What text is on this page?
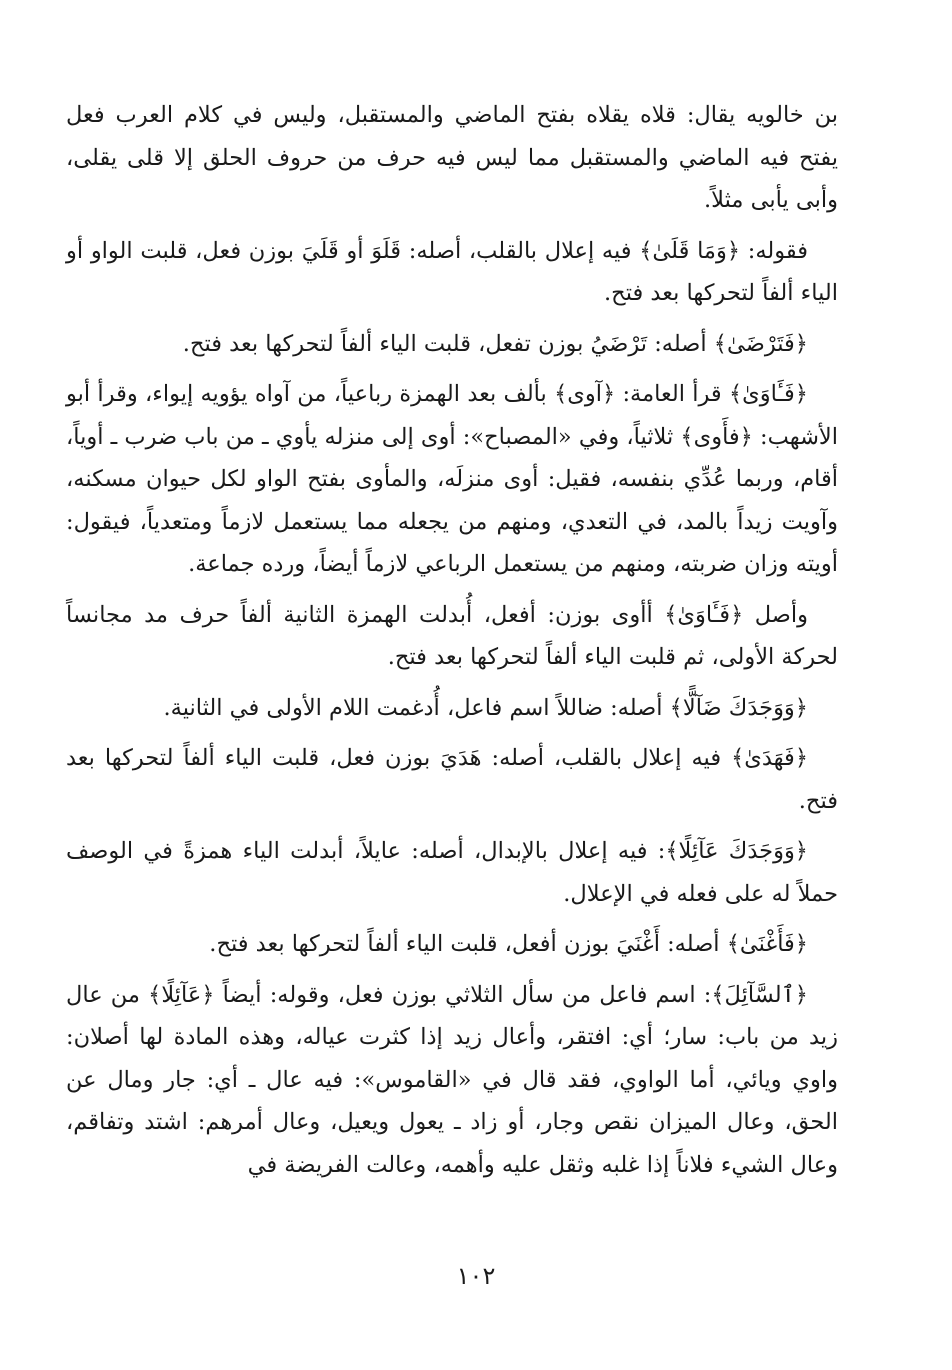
بن خالويه يقال: قلاه يقلاه بفتح الماضي والمستقبل، وليس في كلام العرب فعل يفتح فيه الماضي والمستقبل مما ليس فيه حرف من حروف الحلق إلا قلى يقلى، وأبى يأبى مثلاً.

فقوله: ﴿وَمَا قَلَىٰ﴾ فيه إعلال بالقلب، أصله: قَلَوَ أو قَلَيَ بوزن فعل، قلبت الواو أو الياء ألفاً لتحركها بعد فتح.

﴿فَتَرْضَىٰ﴾ أصله: تَرْضَيُ بوزن تفعل، قلبت الياء ألفاً لتحركها بعد فتح.

﴿فَـَٔاوَىٰ﴾ قرأ العامة: ﴿آوى﴾ بألف بعد الهمزة رباعياً، من آواه يؤويه إيواء، وقرأ أبو الأشهب: ﴿فأَوى﴾ ثلاثياً، وفي «المصباح»: أوى إلى منزله يأوي ـ من باب ضرب ـ أوياً، أقام، وربما عُدِّي بنفسه، فقيل: أوى منزلَه، والمأوى بفتح الواو لكل حيوان مسكنه، وآويت زيداً بالمد، في التعدي، ومنهم من يجعله مما يستعمل لازماً ومتعدياً، فيقول: أويته وزان ضربته، ومنهم من يستعمل الرباعي لازماً أيضاً، ورده جماعة.

وأصل ﴿فَـَٔاوَىٰ﴾ أأوى بوزن: أفعل، أُبدلت الهمزة الثانية ألفاً حرف مد مجانساً لحركة الأولى، ثم قلبت الياء ألفاً لتحركها بعد فتح.

﴿وَوَجَدَكَ ضَآلًّا﴾ أصله: ضاللاً اسم فاعل، أُدغمت اللام الأولى في الثانية.

﴿فَهَدَىٰ﴾ فيه إعلال بالقلب، أصله: هَدَيَ بوزن فعل، قلبت الياء ألفاً لتحركها بعد فتح.

﴿وَوَجَدَكَ عَآئِلًا﴾: فيه إعلال بالإبدال، أصله: عايلاً، أبدلت الياء همزةً في الوصف حملاً له على فعله في الإعلال.

﴿فَأَغْنَىٰ﴾ أصله: أَغْنَيَ بوزن أفعل، قلبت الياء ألفاً لتحركها بعد فتح.

﴿ٱلسَّآئِلَ﴾: اسم فاعل من سأل الثلاثي بوزن فعل، وقوله: أيضاً ﴿عَآئِلًا﴾ من عال زيد من باب: سار؛ أي: افتقر، وأعال زيد إذا كثرت عياله، وهذه المادة لها أصلان: واوي ويائي، أما الواوي، فقد قال في «القاموس»: فيه عال ـ أي: جار ومال عن الحق، وعال الميزان نقص وجار، أو زاد ـ يعول ويعيل، وعال أمرهم: اشتد وتفاقم، وعال الشيء فلاناً إذا غلبه وثقل عليه وأهمه، وعالت الفريضة في

١٠٢
